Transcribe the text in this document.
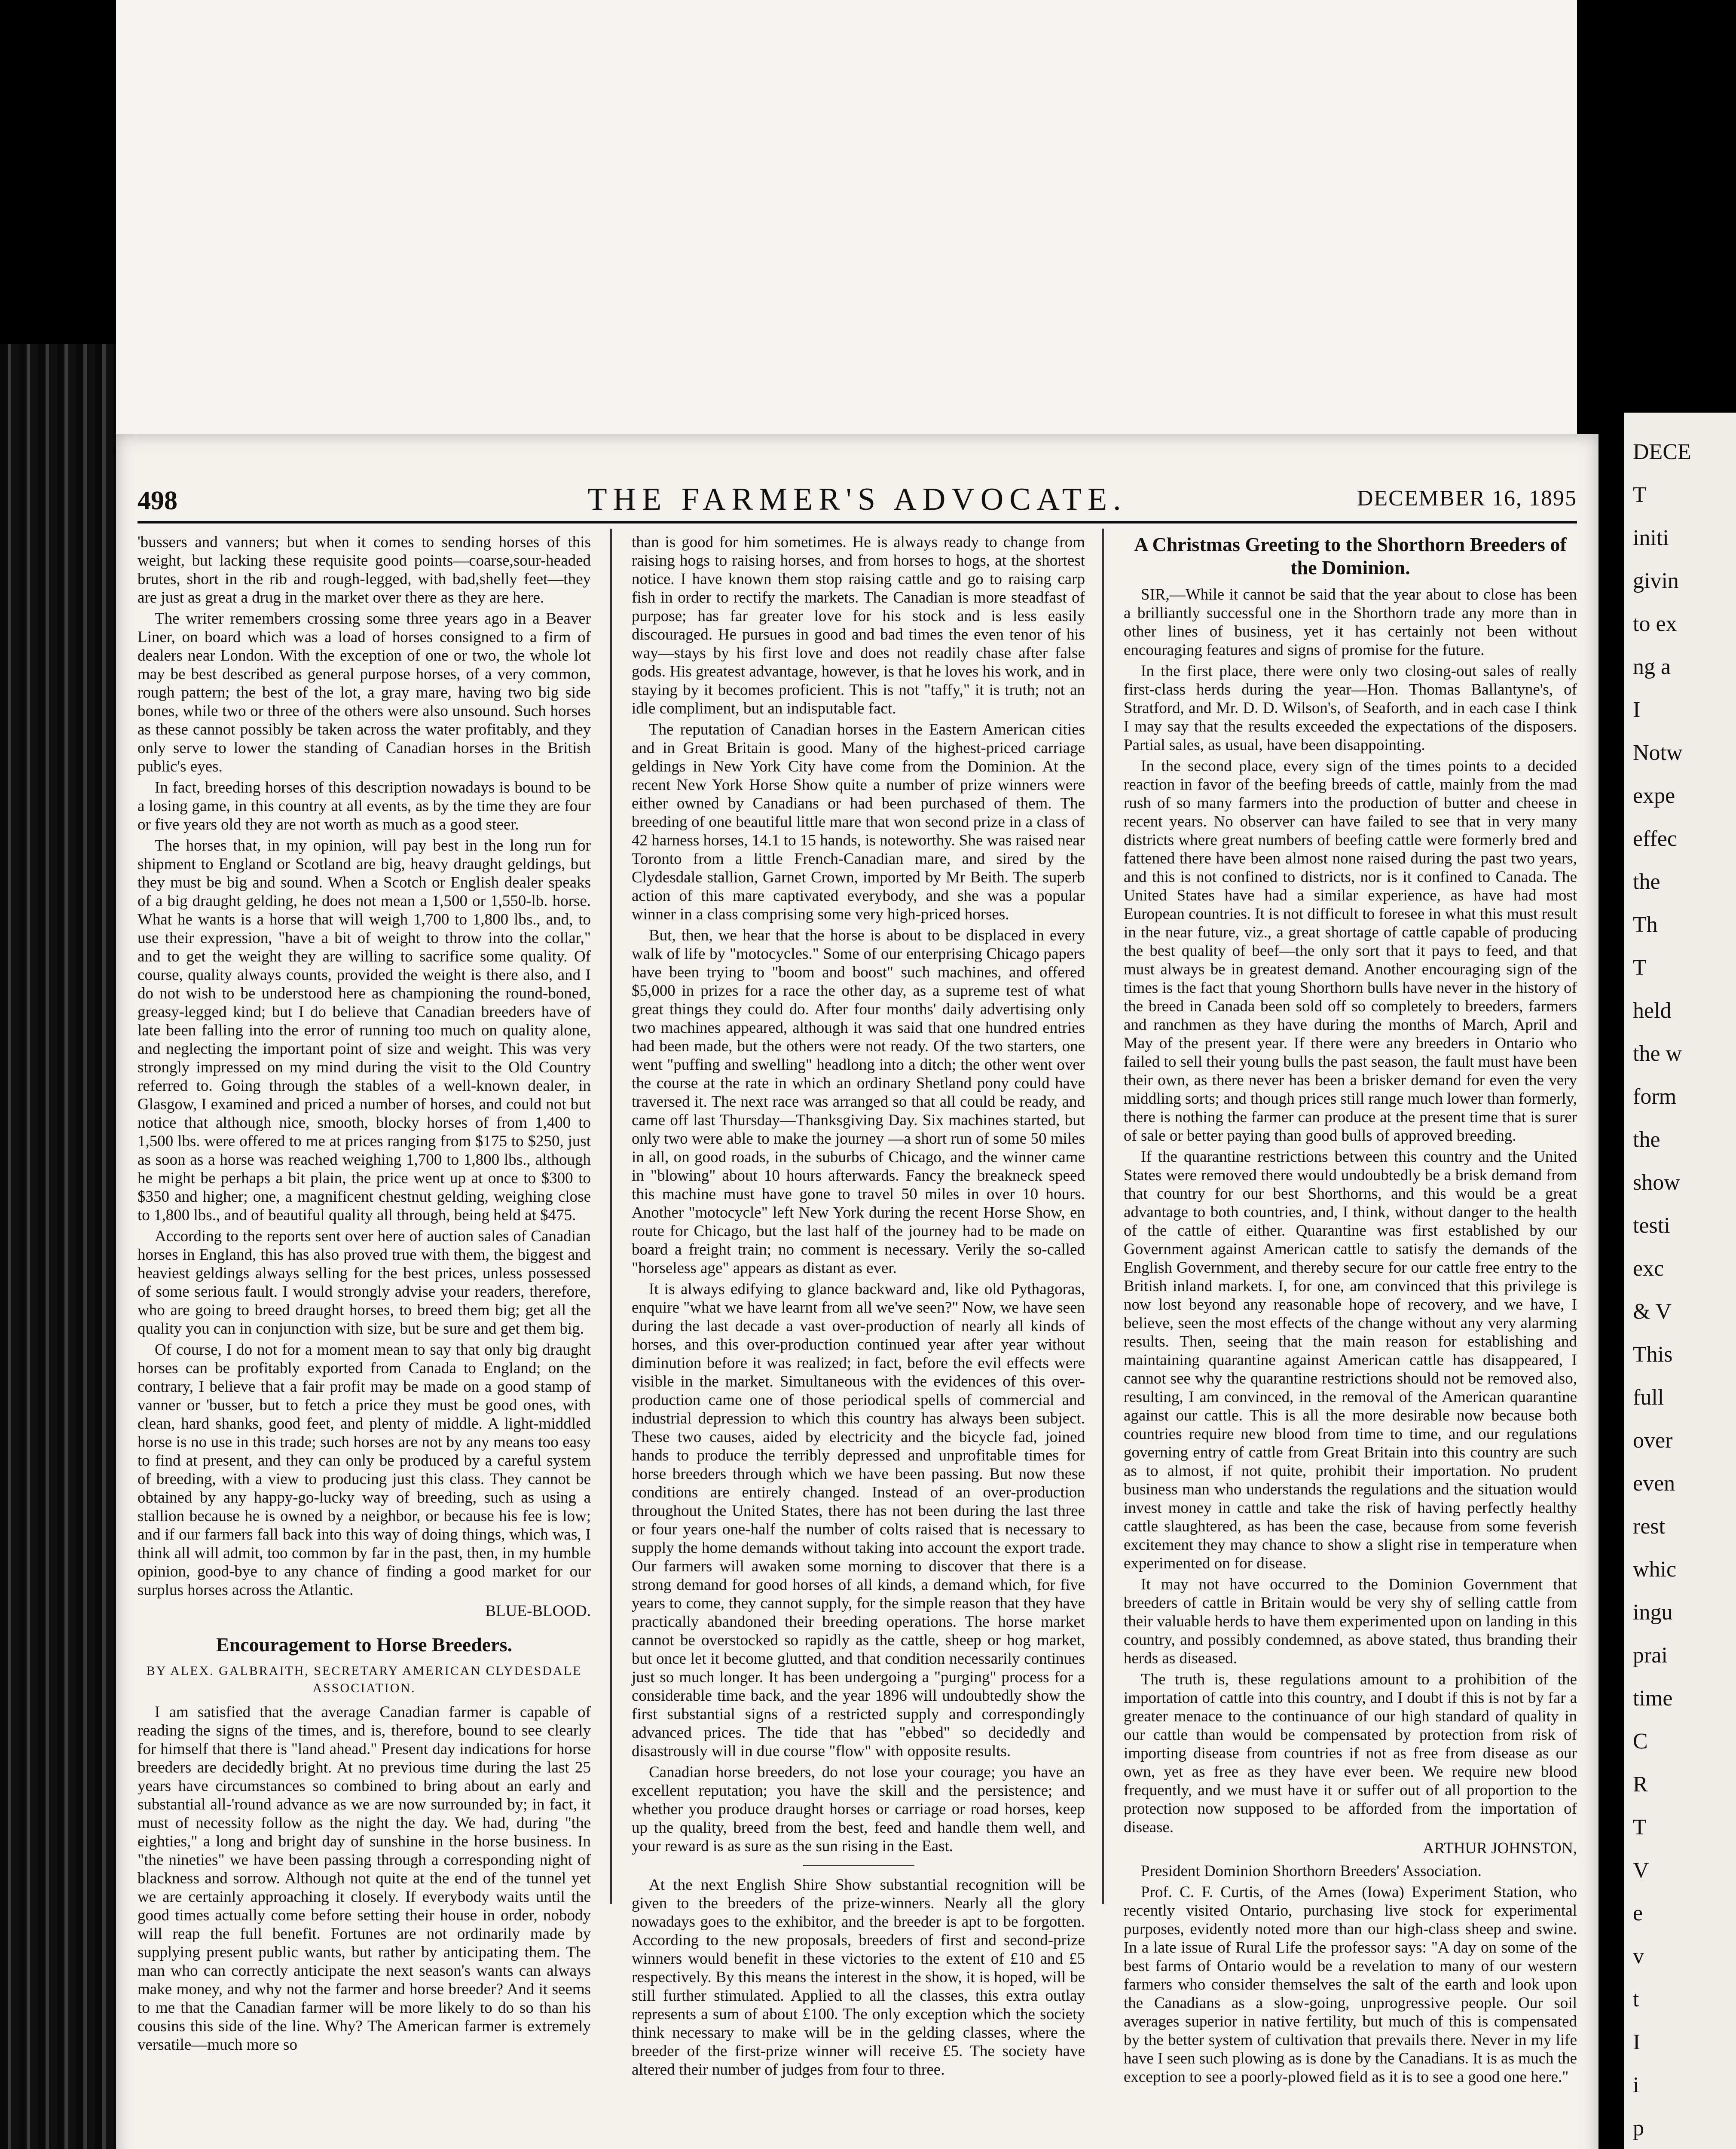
DECE
T
initi
givin
to ex
ng a
I
Notw
expe
effec
the
Th
T
held
the w
form
the
show
testi
exc
& V
This
full
over
even
rest
whic
ingu
prai
time
C
R
T
V
e
v
t
I
i
p
498	THE FARMER'S ADVOCATE.	DECEMBER 16, 1895

'bussers and vanners; but when it comes to sending horses of this weight, but lacking these requisite good points—coarse,sour-headed brutes, short in the rib and rough-legged, with bad,shelly feet—they are just as great a drug in the market over there as they are here.

The writer remembers crossing some three years ago in a Beaver Liner, on board which was a load of horses consigned to a firm of dealers near London. With the exception of one or two, the whole lot may be best described as general purpose horses, of a very common, rough pattern; the best of the lot, a gray mare, having two big side bones, while two or three of the others were also unsound. Such horses as these cannot possibly be taken across the water profitably, and they only serve to lower the standing of Canadian horses in the British public's eyes.

In fact, breeding horses of this description nowadays is bound to be a losing game, in this country at all events, as by the time they are four or five years old they are not worth as much as a good steer.

The horses that, in my opinion, will pay best in the long run for shipment to England or Scotland are big, heavy draught geldings, but they must be big and sound. When a Scotch or English dealer speaks of a big draught gelding, he does not mean a 1,500 or 1,550-lb. horse. What he wants is a horse that will weigh 1,700 to 1,800 lbs., and, to use their expression, "have a bit of weight to throw into the collar," and to get the weight they are willing to sacrifice some quality. Of course, quality always counts, provided the weight is there also, and I do not wish to be understood here as championing the round-boned, greasy-legged kind; but I do believe that Canadian breeders have of late been falling into the error of running too much on quality alone, and neglecting the important point of size and weight. This was very strongly impressed on my mind during the visit to the Old Country referred to. Going through the stables of a well-known dealer, in Glasgow, I examined and priced a number of horses, and could not but notice that although nice, smooth, blocky horses of from 1,400 to 1,500 lbs. were offered to me at prices ranging from $175 to $250, just as soon as a horse was reached weighing 1,700 to 1,800 lbs., although he might be perhaps a bit plain, the price went up at once to $300 to $350 and higher; one, a magnificent chestnut gelding, weighing close to 1,800 lbs., and of beautiful quality all through, being held at $475.

According to the reports sent over here of auction sales of Canadian horses in England, this has also proved true with them, the biggest and heaviest geldings always selling for the best prices, unless possessed of some serious fault. I would strongly advise your readers, therefore, who are going to breed draught horses, to breed them big; get all the quality you can in conjunction with size, but be sure and get them big.

Of course, I do not for a moment mean to say that only big draught horses can be profitably exported from Canada to England; on the contrary, I believe that a fair profit may be made on a good stamp of vanner or 'busser, but to fetch a price they must be good ones, with clean, hard shanks, good feet, and plenty of middle. A light-middled horse is no use in this trade; such horses are not by any means too easy to find at present, and they can only be produced by a careful system of breeding, with a view to producing just this class. They cannot be obtained by any happy-go-lucky way of breeding, such as using a stallion because he is owned by a neighbor, or because his fee is low; and if our farmers fall back into this way of doing things, which was, I think all will admit, too common by far in the past, then, in my humble opinion, good-bye to any chance of finding a good market for our surplus horses across the Atlantic.

BLUE-BLOOD.
Encouragement to Horse Breeders.
BY ALEX. GALBRAITH, SECRETARY AMERICAN CLYDESDALE ASSOCIATION.

I am satisfied that the average Canadian farmer is capable of reading the signs of the times, and is, therefore, bound to see clearly for himself that there is "land ahead." Present day indications for horse breeders are decidedly bright. At no previous time during the last 25 years have circumstances so combined to bring about an early and substantial all-'round advance as we are now surrounded by; in fact, it must of necessity follow as the night the day. We had, during "the eighties," a long and bright day of sunshine in the horse business. In "the nineties" we have been passing through a corresponding night of blackness and sorrow. Although not quite at the end of the tunnel yet we are certainly approaching it closely. If everybody waits until the good times actually come before setting their house in order, nobody will reap the full benefit. Fortunes are not ordinarily made by supplying present public wants, but rather by anticipating them. The man who can correctly anticipate the next season's wants can always make money, and why not the farmer and horse breeder? And it seems to me that the Canadian farmer will be more likely to do so than his cousins this side of the line. Why? The American farmer is extremely versatile—much more so

than is good for him sometimes. He is always ready to change from raising hogs to raising horses, and from horses to hogs, at the shortest notice. I have known them stop raising cattle and go to raising carp fish in order to rectify the markets. The Canadian is more steadfast of purpose; has far greater love for his stock and is less easily discouraged. He pursues in good and bad times the even tenor of his way—stays by his first love and does not readily chase after false gods. His greatest advantage, however, is that he loves his work, and in staying by it becomes proficient. This is not "taffy," it is truth; not an idle compliment, but an indisputable fact.

The reputation of Canadian horses in the Eastern American cities and in Great Britain is good. Many of the highest-priced carriage geldings in New York City have come from the Dominion. At the recent New York Horse Show quite a number of prize winners were either owned by Canadians or had been purchased of them. The breeding of one beautiful little mare that won second prize in a class of 42 harness horses, 14.1 to 15 hands, is noteworthy. She was raised near Toronto from a little French-Canadian mare, and sired by the Clydesdale stallion, Garnet Crown, imported by Mr Beith. The superb action of this mare captivated everybody, and she was a popular winner in a class comprising some very high-priced horses.

But, then, we hear that the horse is about to be displaced in every walk of life by "motocycles." Some of our enterprising Chicago papers have been trying to "boom and boost" such machines, and offered $5,000 in prizes for a race the other day, as a supreme test of what great things they could do. After four months' daily advertising only two machines appeared, although it was said that one hundred entries had been made, but the others were not ready. Of the two starters, one went "puffing and swelling" headlong into a ditch; the other went over the course at the rate in which an ordinary Shetland pony could have traversed it. The next race was arranged so that all could be ready, and came off last Thursday—Thanksgiving Day. Six machines started, but only two were able to make the journey —a short run of some 50 miles in all, on good roads, in the suburbs of Chicago, and the winner came in "blowing" about 10 hours afterwards. Fancy the breakneck speed this machine must have gone to travel 50 miles in over 10 hours. Another "motocycle" left New York during the recent Horse Show, en route for Chicago, but the last half of the journey had to be made on board a freight train; no comment is necessary. Verily the so-called "horseless age" appears as distant as ever.

It is always edifying to glance backward and, like old Pythagoras, enquire "what we have learnt from all we've seen?" Now, we have seen during the last decade a vast over-production of nearly all kinds of horses, and this over-production continued year after year without diminution before it was realized; in fact, before the evil effects were visible in the market. Simultaneous with the evidences of this over-production came one of those periodical spells of commercial and industrial depression to which this country has always been subject. These two causes, aided by electricity and the bicycle fad, joined hands to produce the terribly depressed and unprofitable times for horse breeders through which we have been passing. But now these conditions are entirely changed. Instead of an over-production throughout the United States, there has not been during the last three or four years one-half the number of colts raised that is necessary to supply the home demands without taking into account the export trade. Our farmers will awaken some morning to discover that there is a strong demand for good horses of all kinds, a demand which, for five years to come, they cannot supply, for the simple reason that they have practically abandoned their breeding operations. The horse market cannot be overstocked so rapidly as the cattle, sheep or hog market, but once let it become glutted, and that condition necessarily continues just so much longer. It has been undergoing a "purging" process for a considerable time back, and the year 1896 will undoubtedly show the first substantial signs of a restricted supply and correspondingly advanced prices. The tide that has "ebbed" so decidedly and disastrously will in due course "flow" with opposite results.

Canadian horse breeders, do not lose your courage; you have an excellent reputation; you have the skill and the persistence; and whether you produce draught horses or carriage or road horses, keep up the quality, breed from the best, feed and handle them well, and your reward is as sure as the sun rising in the East.

At the next English Shire Show substantial recognition will be given to the breeders of the prize-winners. Nearly all the glory nowadays goes to the exhibitor, and the breeder is apt to be forgotten. According to the new proposals, breeders of first and second-prize winners would benefit in these victories to the extent of £10 and £5 respectively. By this means the interest in the show, it is hoped, will be still further stimulated. Applied to all the classes, this extra outlay represents a sum of about £100. The only exception which the society think necessary to make will be in the gelding classes, where the breeder of the first-prize winner will receive £5. The society have altered their number of judges from four to three.

A Christmas Greeting to the Shorthorn Breeders of the Dominion.

SIR,—While it cannot be said that the year about to close has been a brilliantly successful one in the Shorthorn trade any more than in other lines of business, yet it has certainly not been without encouraging features and signs of promise for the future.

In the first place, there were only two closing-out sales of really first-class herds during the year—Hon. Thomas Ballantyne's, of Stratford, and Mr. D. D. Wilson's, of Seaforth, and in each case I think I may say that the results exceeded the expectations of the disposers. Partial sales, as usual, have been disappointing.

In the second place, every sign of the times points to a decided reaction in favor of the beefing breeds of cattle, mainly from the mad rush of so many farmers into the production of butter and cheese in recent years. No observer can have failed to see that in very many districts where great numbers of beefing cattle were formerly bred and fattened there have been almost none raised during the past two years, and this is not confined to districts, nor is it confined to Canada. The United States have had a similar experience, as have had most European countries. It is not difficult to foresee in what this must result in the near future, viz., a great shortage of cattle capable of producing the best quality of beef—the only sort that it pays to feed, and that must always be in greatest demand. Another encouraging sign of the times is the fact that young Shorthorn bulls have never in the history of the breed in Canada been sold off so completely to breeders, farmers and ranchmen as they have during the months of March, April and May of the present year. If there were any breeders in Ontario who failed to sell their young bulls the past season, the fault must have been their own, as there never has been a brisker demand for even the very middling sorts; and though prices still range much lower than formerly, there is nothing the farmer can produce at the present time that is surer of sale or better paying than good bulls of approved breeding.

If the quarantine restrictions between this country and the United States were removed there would undoubtedly be a brisk demand from that country for our best Shorthorns, and this would be a great advantage to both countries, and, I think, without danger to the health of the cattle of either. Quarantine was first established by our Government against American cattle to satisfy the demands of the English Government, and thereby secure for our cattle free entry to the British inland markets. I, for one, am convinced that this privilege is now lost beyond any reasonable hope of recovery, and we have, I believe, seen the most effects of the change without any very alarming results. Then, seeing that the main reason for establishing and maintaining quarantine against American cattle has disappeared, I cannot see why the quarantine restrictions should not be removed also, resulting, I am convinced, in the removal of the American quarantine against our cattle. This is all the more desirable now because both countries require new blood from time to time, and our regulations governing entry of cattle from Great Britain into this country are such as to almost, if not quite, prohibit their importation. No prudent business man who understands the regulations and the situation would invest money in cattle and take the risk of having perfectly healthy cattle slaughtered, as has been the case, because from some feverish excitement they may chance to show a slight rise in temperature when experimented on for disease.

It may not have occurred to the Dominion Government that breeders of cattle in Britain would be very shy of selling cattle from their valuable herds to have them experimented upon on landing in this country, and possibly condemned, as above stated, thus branding their herds as diseased.

The truth is, these regulations amount to a prohibition of the importation of cattle into this country, and I doubt if this is not by far a greater menace to the continuance of our high standard of quality in our cattle than would be compensated by protection from risk of importing disease from countries if not as free from disease as our own, yet as free as they have ever been. We require new blood frequently, and we must have it or suffer out of all proportion to the protection now supposed to be afforded from the importation of disease.

ARTHUR JOHNSTON,

President Dominion Shorthorn Breeders' Association.

Prof. C. F. Curtis, of the Ames (Iowa) Experiment Station, who recently visited Ontario, purchasing live stock for experimental purposes, evidently noted more than our high-class sheep and swine. In a late issue of Rural Life the professor says: "A day on some of the best farms of Ontario would be a revelation to many of our western farmers who consider themselves the salt of the earth and look upon the Canadians as a slow-going, unprogressive people. Our soil averages superior in native fertility, but much of this is compensated by the better system of cultivation that prevails there. Never in my life have I seen such plowing as is done by the Canadians. It is as much the exception to see a poorly-plowed field as it is to see a good one here."
